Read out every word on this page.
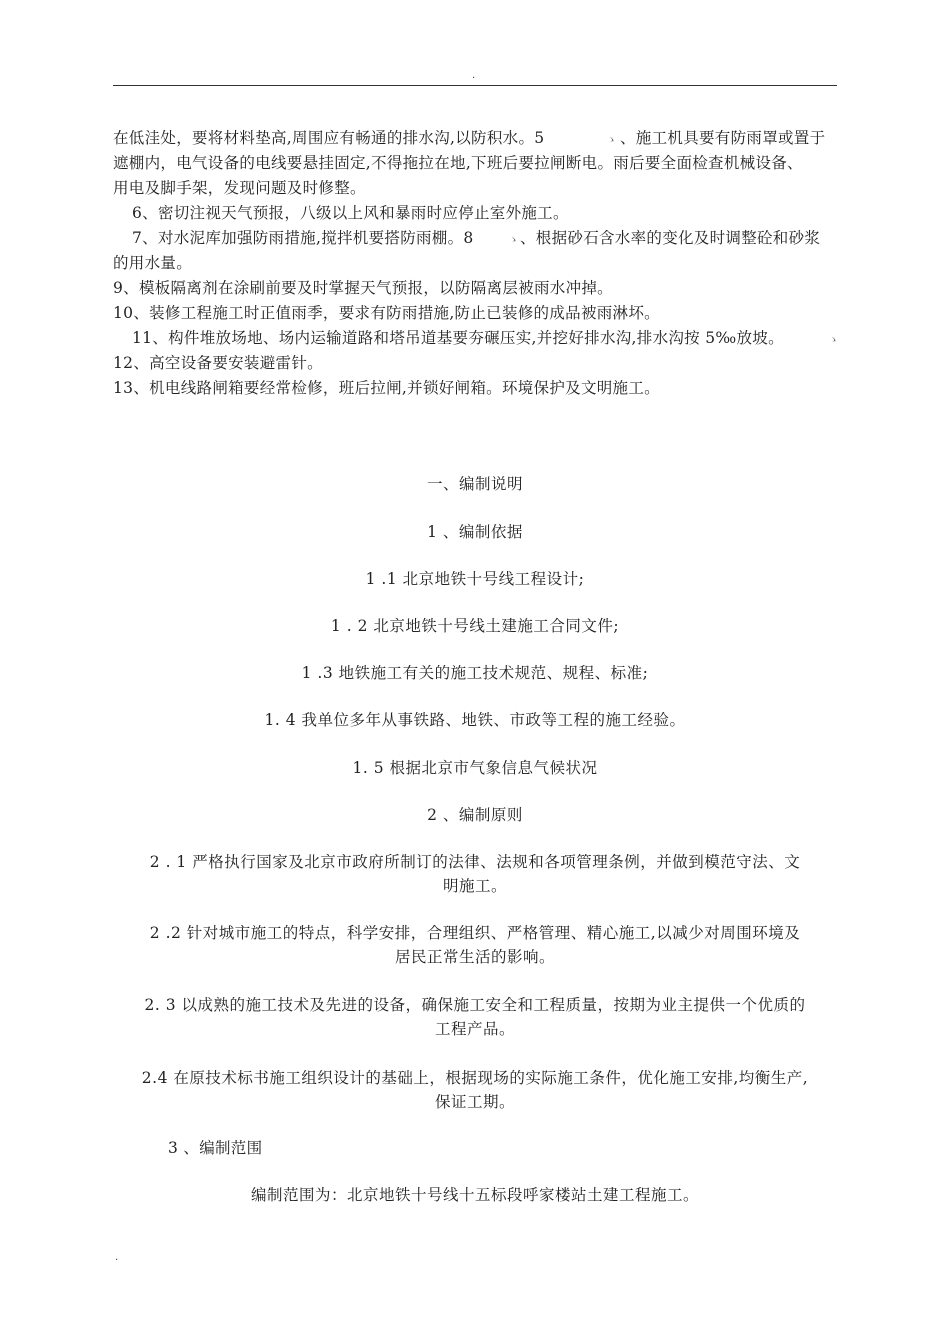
.
在低洼处，要将材料垫高,周围应有畅通的排水沟,以防积水。5	ゝ 、施工机具要有防雨罩或置于
遮棚内，电气设备的电线要悬挂固定,不得拖拉在地,下班后要拉闸断电。雨后要全面检查机械设备、
用电及脚手架，发现问题及时修整。
6、密切注视天气预报，八级以上风和暴雨时应停止室外施工。
7、对水泥库加强防雨措施,搅拌机要搭防雨棚。8	ゝ 、根据砂石含水率的变化及时调整砼和砂浆
的用水量。
9、模板隔离剂在涂刷前要及时掌握天气预报，以防隔离层被雨水冲掉。
10、装修工程施工时正值雨季，要求有防雨措施,防止已装修的成品被雨淋坏。
11、构件堆放场地、场内运输道路和塔吊道基要夯碾压实,并挖好排水沟,排水沟按 5‰放坡。	ゝ
12、高空设备要安装避雷针。
13、机电线路闸箱要经常检修，班后拉闸,并锁好闸箱。环境保护及文明施工。
一、编制说明
1 、编制依据
1 .1 北京地铁十号线工程设计;
1 . 2 北京地铁十号线土建施工合同文件;
1 .3 地铁施工有关的施工技术规范、规程、标准;
1. 4 我单位多年从事铁路、地铁、市政等工程的施工经验。
1. 5 根据北京市气象信息气候状况
2 、编制原则
2 . 1 严格执行国家及北京市政府所制订的法律、法规和各项管理条例，并做到模范守法、文
明施工。
2 .2 针对城市施工的特点，科学安排，合理组织、严格管理、精心施工,以减少对周围环境及
居民正常生活的影响。
2. 3 以成熟的施工技术及先进的设备，确保施工安全和工程质量，按期为业主提供一个优质的
工程产品。
2.4 在原技术标书施工组织设计的基础上，根据现场的实际施工条件，优化施工安排,均衡生产,
保证工期。
3 、编制范围
编制范围为：北京地铁十号线十五标段呼家楼站土建工程施工。
.
